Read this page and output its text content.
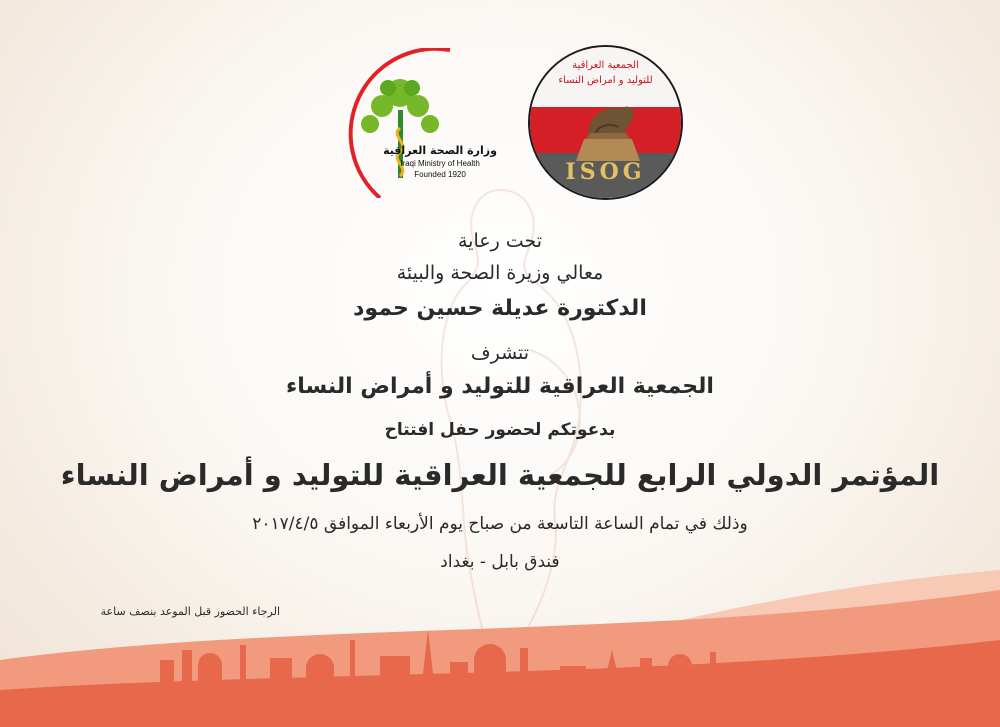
وزارة الصحة العراقية
Iraqi Ministry of Health
Founded 1920
الجمعية العراقية
للتوليد و امراض النساء
ISOG
تحت رعاية
معالي وزيرة الصحة والبيئة
الدكتورة عديلة حسين حمود
تتشرف
الجمعية العراقية للتوليد و أمراض النساء
بدعوتكم لحضور حفل افتتاح
المؤتمر الدولي الرابع للجمعية العراقية للتوليد و أمراض النساء
وذلك في تمام الساعة التاسعة من صباح يوم الأربعاء الموافق ٢٠١٧/٤/٥
فندق بابل - بغداد
الرجاء الحضور قبل الموعد بنصف ساعة
